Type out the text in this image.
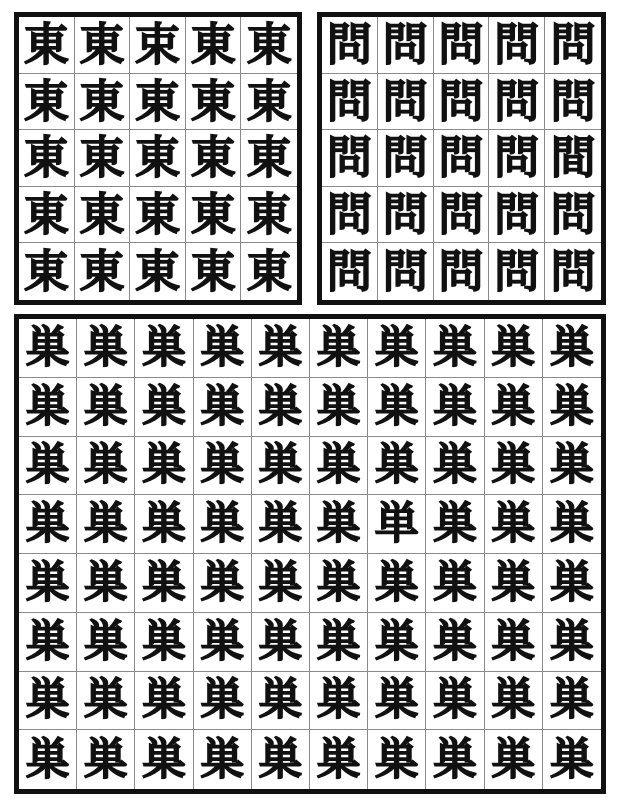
東 東 束 東 東
東 東 東 東 東
東 東 東 東 東
東 東 東 東 東
東 東 東 東 東
問 問 問 問 問
問 問 問 問 問
問 問 問 問 間
問 問 問 問 問
問 問 問 問 問
巣 巣 巣 巣 巣 巣 巣 巣 巣 巣
巣 巣 巣 巣 巣 巣 巣 巣 巣 巣
巣 巣 巣 巣 巣 巣 巣 巣 巣 巣
巣 巣 巣 巣 巣 巣 単 巣 巣 巣
巣 巣 巣 巣 巣 巣 巣 巣 巣 巣
巣 巣 巣 巣 巣 巣 巣 巣 巣 巣
巣 巣 巣 巣 巣 巣 巣 巣 巣 巣
巣 巣 巣 巣 巣 巣 巣 巣 巣 巣
